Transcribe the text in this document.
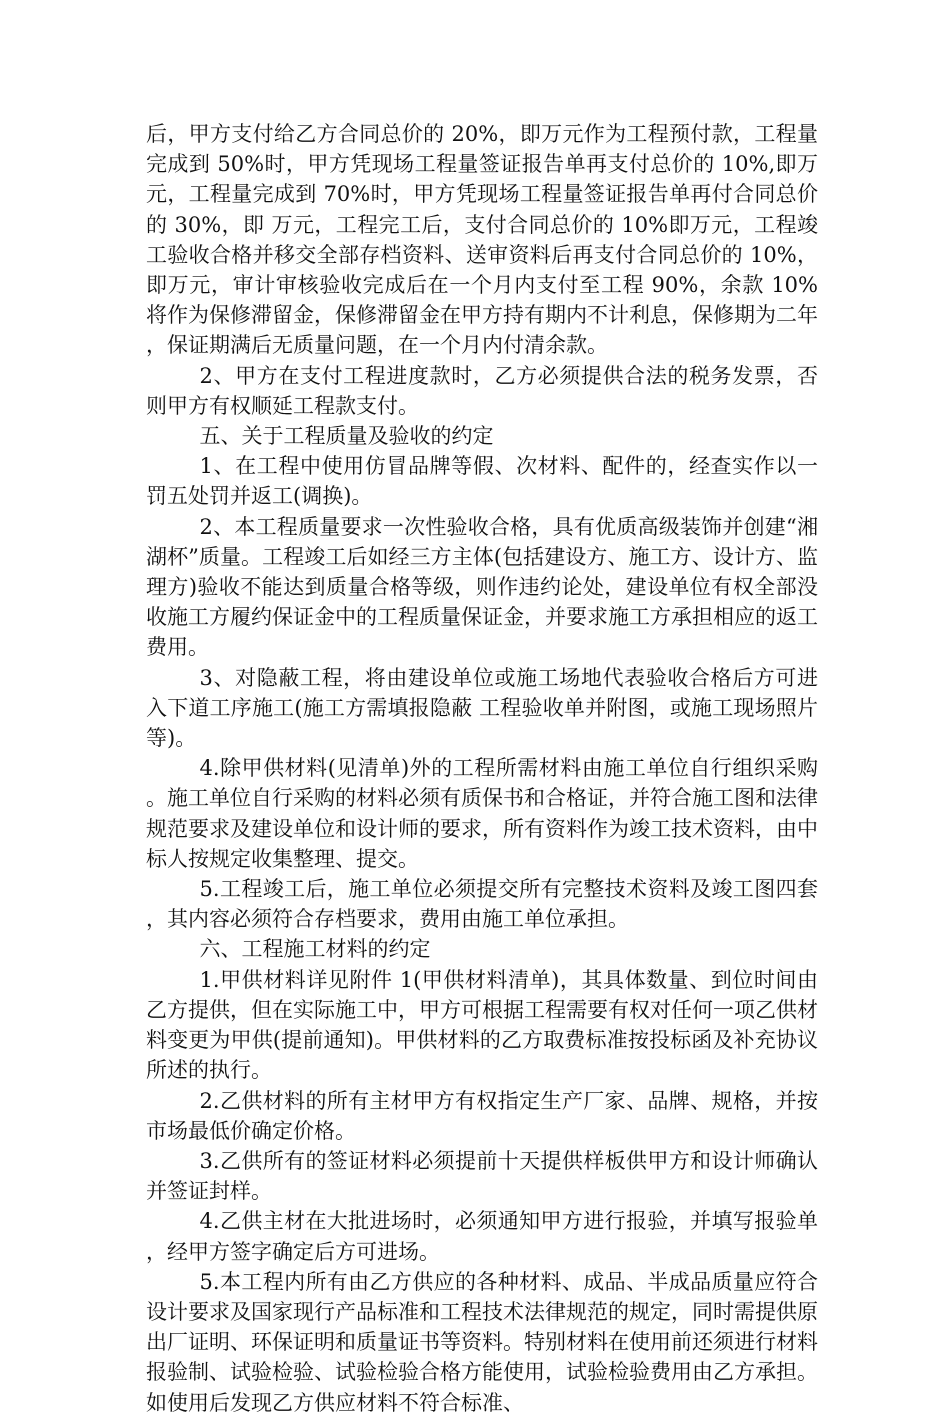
后，甲方支付给乙方合同总价的 20%，即万元作为工程预付款，工程量完成到 50%时，甲方凭现场工程量签证报告单再支付总价的 10%,即万元，工程量完成到 70%时，甲方凭现场工程量签证报告单再付合同总价的 30%，即 万元，工程完工后，支付合同总价的 10%即万元，工程竣工验收合格并移交全部存档资料、送审资料后再支付合同总价的 10%，即万元，审计审核验收完成后在一个月内支付至工程 90%，余款 10%将作为保修滞留金，保修滞留金在甲方持有期内不计利息，保修期为二年，保证期满后无质量问题，在一个月内付清余款。

2、甲方在支付工程进度款时，乙方必须提供合法的税务发票，否则甲方有权顺延工程款支付。

五、关于工程质量及验收的约定

1、在工程中使用仿冒品牌等假、次材料、配件的，经查实作以一罚五处罚并返工(调换)。

2、本工程质量要求一次性验收合格，具有优质高级装饰并创建“湘湖杯”质量。工程竣工后如经三方主体(包括建设方、施工方、设计方、监理方)验收不能达到质量合格等级，则作违约论处，建设单位有权全部没收施工方履约保证金中的工程质量保证金，并要求施工方承担相应的返工费用。

3、对隐蔽工程，将由建设单位或施工场地代表验收合格后方可进入下道工序施工(施工方需填报隐蔽 工程验收单并附图，或施工现场照片等)。

4.除甲供材料(见清单)外的工程所需材料由施工单位自行组织采购。施工单位自行采购的材料必须有质保书和合格证，并符合施工图和法律规范要求及建设单位和设计师的要求，所有资料作为竣工技术资料，由中标人按规定收集整理、提交。

5.工程竣工后，施工单位必须提交所有完整技术资料及竣工图四套，其内容必须符合存档要求，费用由施工单位承担。

六、工程施工材料的约定

1.甲供材料详见附件 1(甲供材料清单)，其具体数量、到位时间由乙方提供，但在实际施工中，甲方可根据工程需要有权对任何一项乙供材料变更为甲供(提前通知)。甲供材料的乙方取费标准按投标函及补充协议所述的执行。

2.乙供材料的所有主材甲方有权指定生产厂家、品牌、规格，并按市场最低价确定价格。

3.乙供所有的签证材料必须提前十天提供样板供甲方和设计师确认并签证封样。

4.乙供主材在大批进场时，必须通知甲方进行报验，并填写报验单，经甲方签字确定后方可进场。

5.本工程内所有由乙方供应的各种材料、成品、半成品质量应符合设计要求及国家现行产品标准和工程技术法律规范的规定，同时需提供原出厂证明、环保证明和质量证书等资料。特别材料在使用前还须进行材料报验制、试验检验、试验检验合格方能使用，试验检验费用由乙方承担。如使用后发现乙方供应材料不符合标准、
